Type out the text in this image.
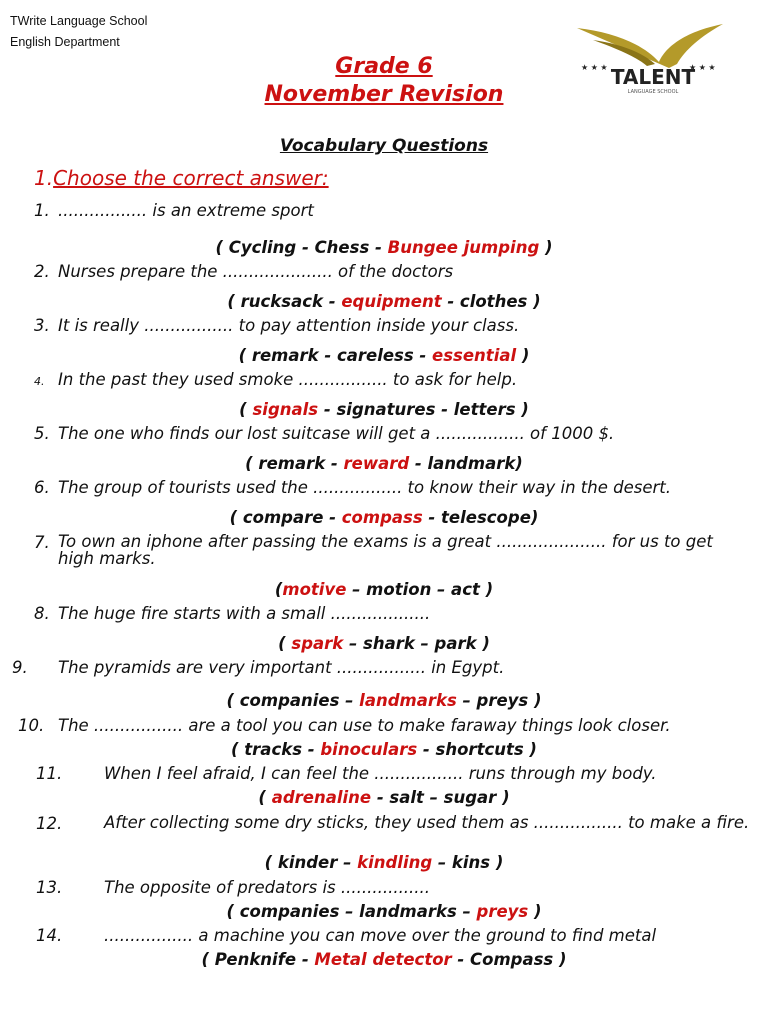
TWrite Language School
English Department
★ ★ ★	★ ★ ★
TALENT
LANGUAGE SCHOOL
Grade 6
November Revision
Vocabulary Questions
1.Choose the correct answer:
1. ................. is an extreme sport
( Cycling - Chess - Bungee jumping )
2. Nurses prepare the ..................... of the doctors
( rucksack - equipment - clothes )
3. It is really ................. to pay attention inside your class.
( remark - careless - essential )
4. In the past they used smoke ................. to ask for help.
( signals - signatures - letters )
5. The one who finds our lost suitcase will get a ................. of 1000 $.
( remark - reward - landmark)
6. The group of tourists used the ................. to know their way in the desert.
( compare - compass - telescope)
7. To own an iphone after passing the exams is a great ..................... for us to get high marks.
(motive – motion – act )
8. The huge fire starts with a small ...................
( spark – shark – park )
9. The pyramids are very important ................. in Egypt.
( companies – landmarks – preys )
10. The ................. are a tool you can use to make faraway things look closer.
( tracks - binoculars - shortcuts )
11.	When I feel afraid, I can feel the ................. runs through my body.
( adrenaline - salt – sugar )
12.	After collecting some dry sticks, they used them as ................. to make a fire.
( kinder – kindling – kins )
13.	The opposite of predators is .................
( companies – landmarks – preys )
14.	................. a machine you can move over the ground to find metal
( Penknife - Metal detector - Compass )
